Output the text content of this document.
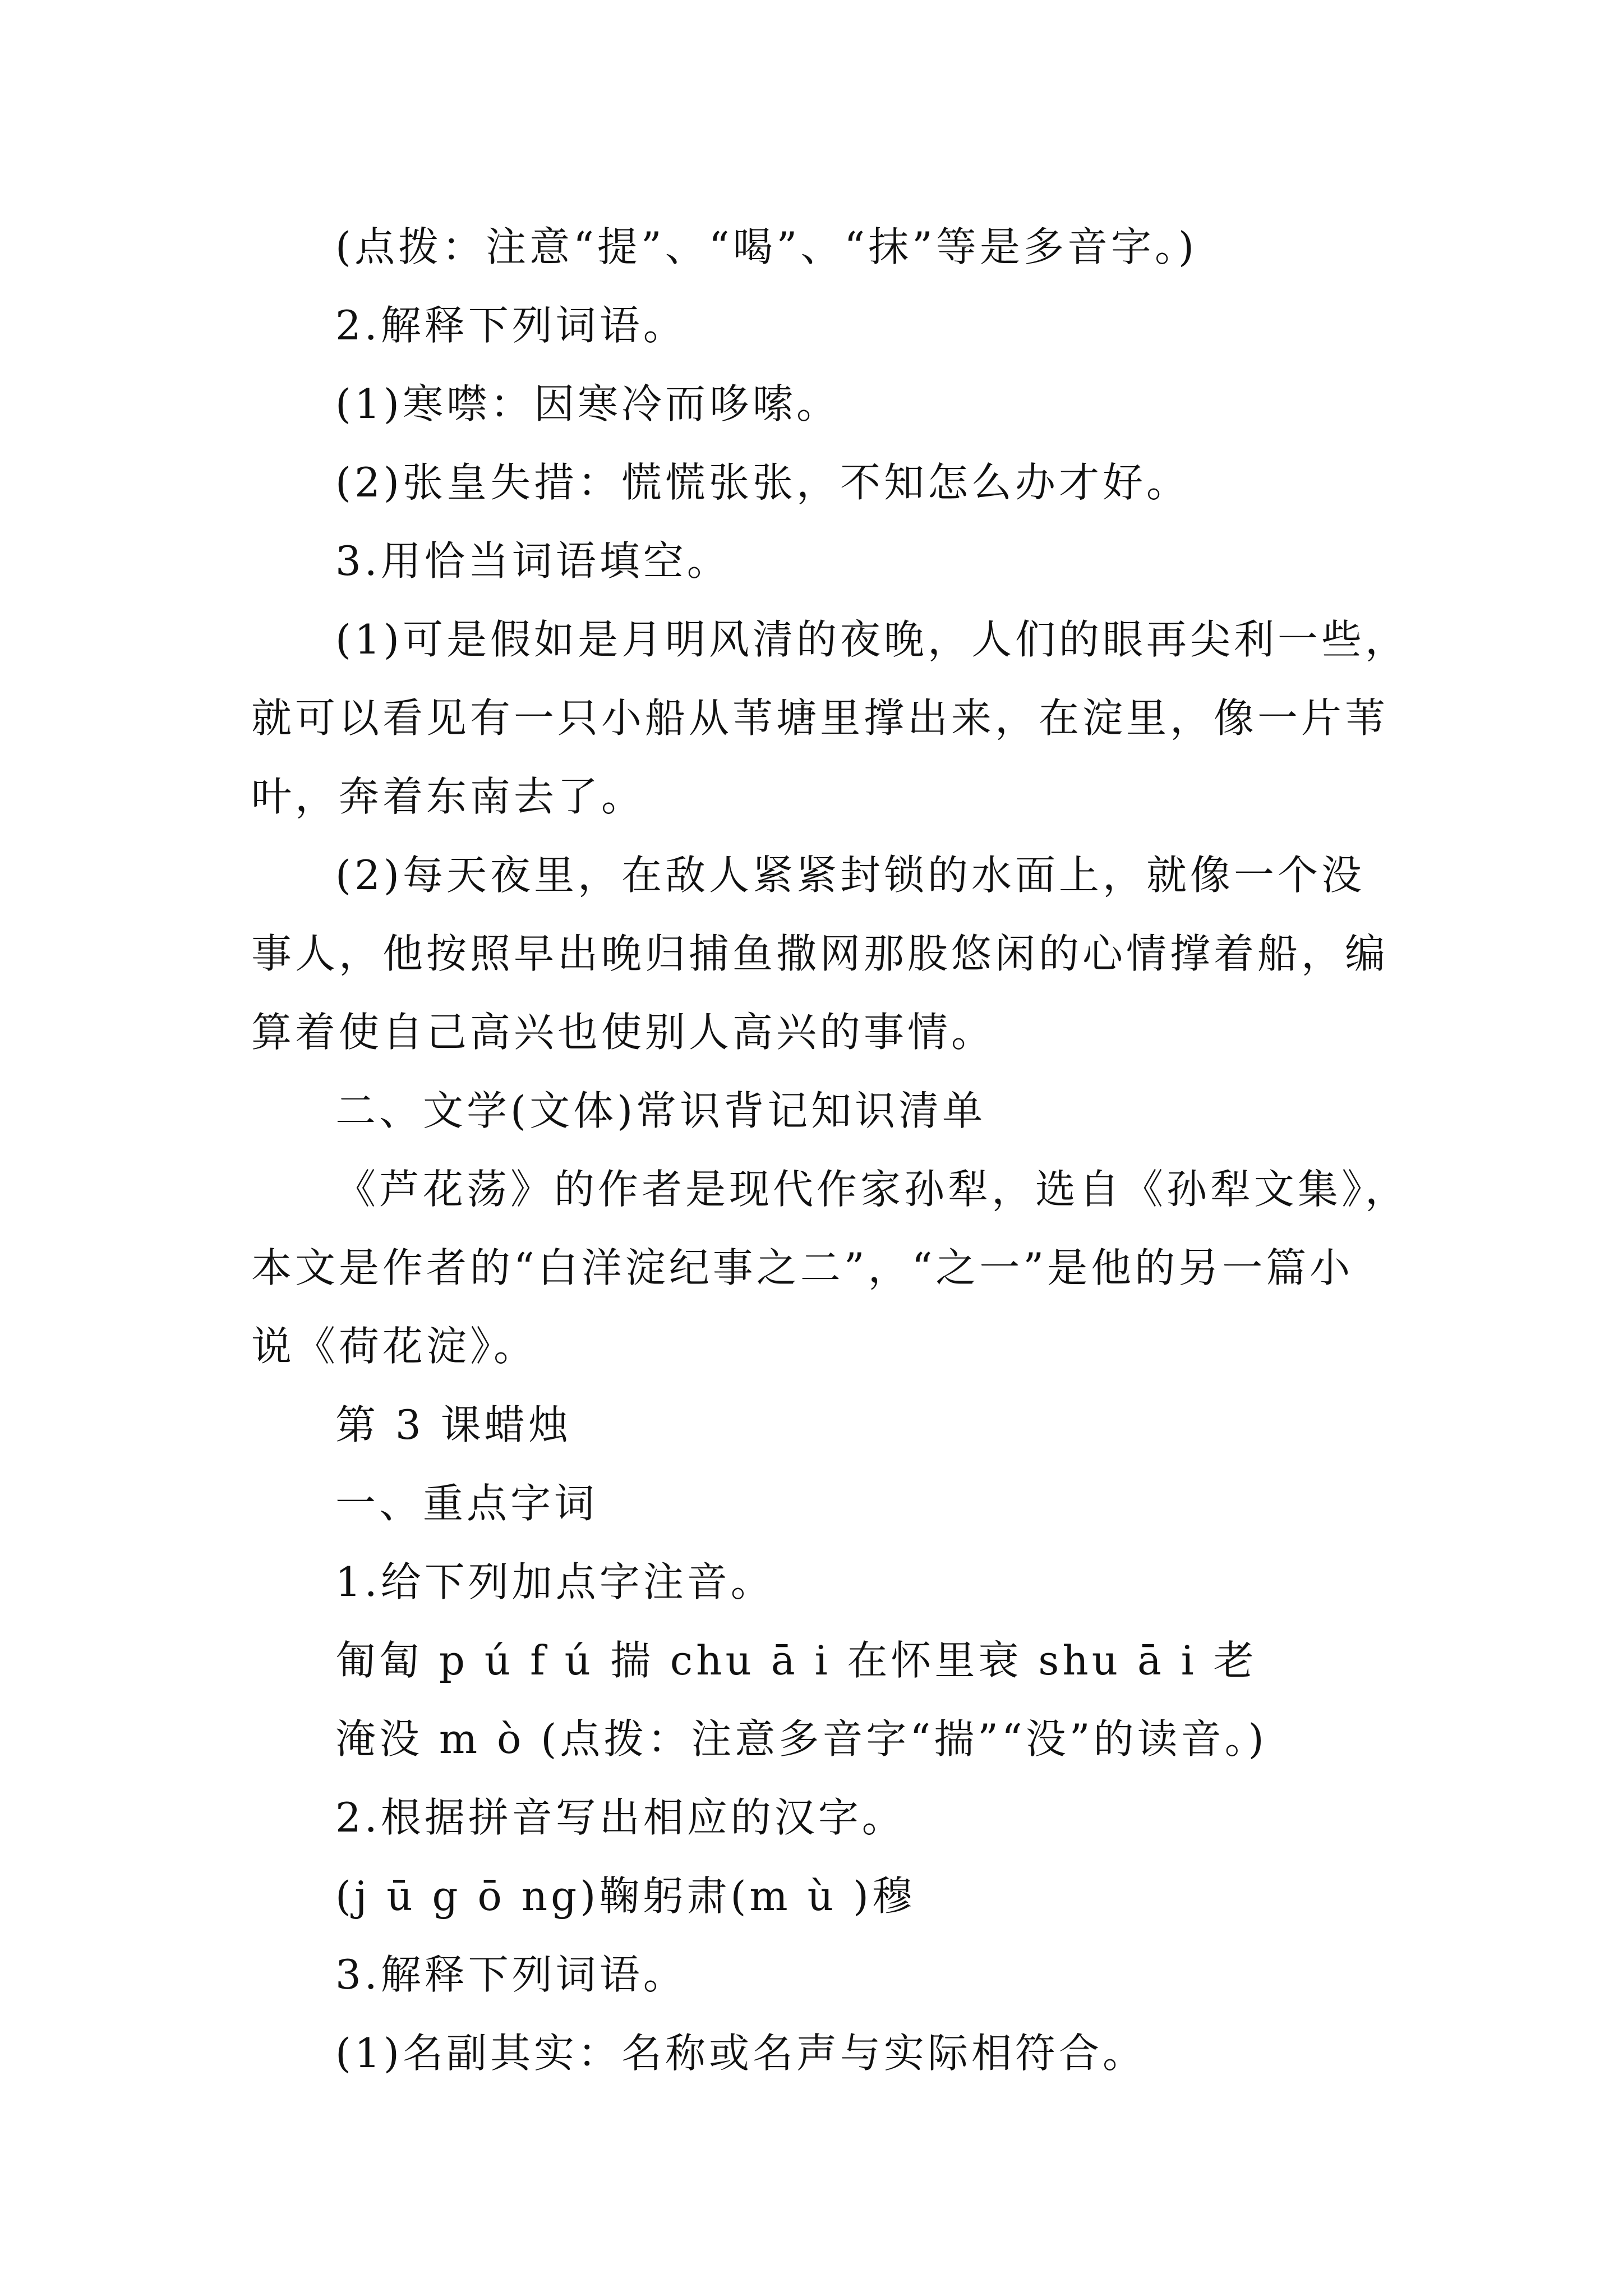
(点拨：注意“提”、“喝”、“抹”等是多音字。)
2.解释下列词语。
(1)寒噤：因寒冷而哆嗦。
(2)张皇失措：慌慌张张，不知怎么办才好。
3.用恰当词语填空。
(1)可是假如是月明风清的夜晚，人们的眼再尖利一些，
就可以看见有一只小船从苇塘里撑出来，在淀里，像一片苇
叶，奔着东南去了。
(2)每天夜里，在敌人紧紧封锁的水面上，就像一个没
事人，他按照早出晚归捕鱼撒网那股悠闲的心情撑着船，编
算着使自己高兴也使别人高兴的事情。
二、文学(文体)常识背记知识清单
《芦花荡》的作者是现代作家孙犁，选自《孙犁文集》，
本文是作者的“白洋淀纪事之二”，“之一”是他的另一篇小
说《荷花淀》。
第 3 课蜡烛
一、重点字词
1.给下列加点字注音。
匍匐 p ú f ú 揣 chu ā i 在怀里衰 shu ā i 老
淹没 m ò (点拨：注意多音字“揣”“没”的读音。)
2.根据拼音写出相应的汉字。
(j ū g ō ng)鞠躬肃(m ù )穆
3.解释下列词语。
(1)名副其实：名称或名声与实际相符合。
